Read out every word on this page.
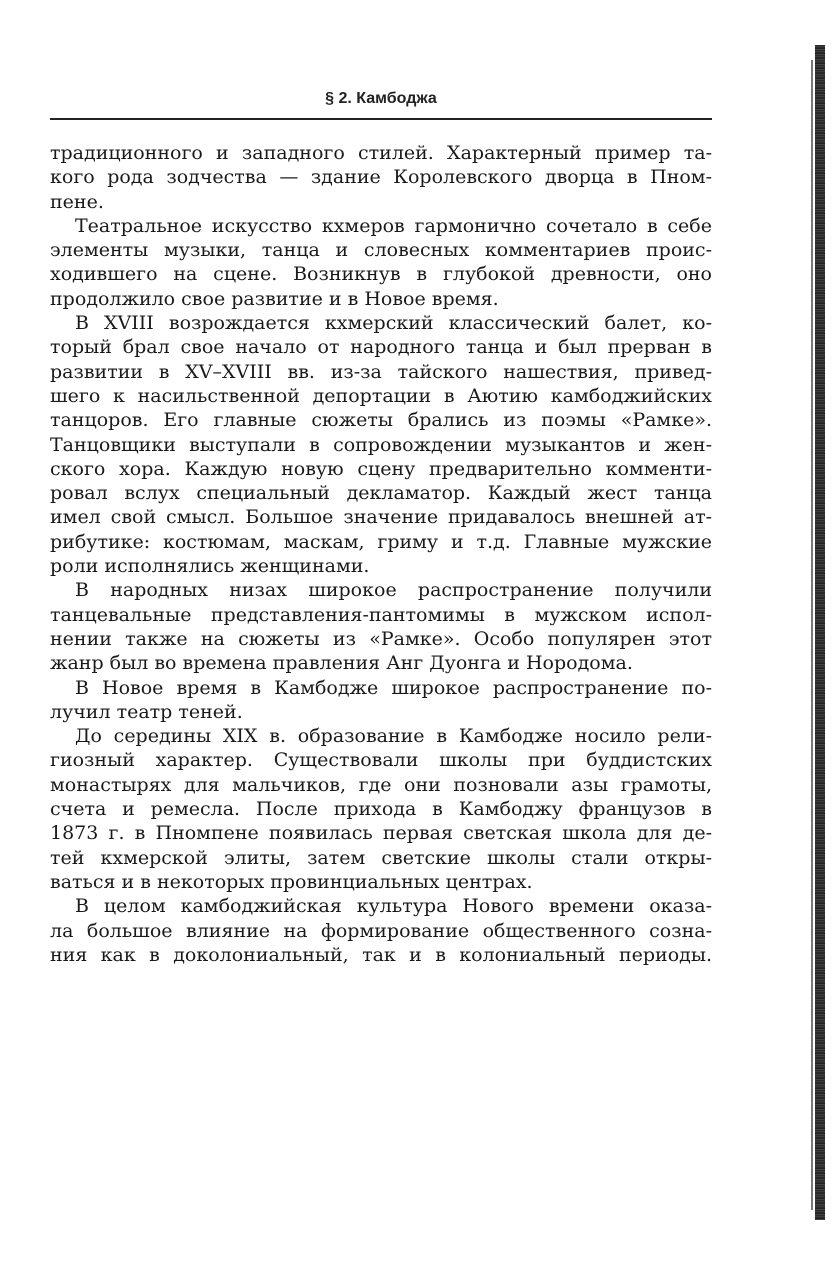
§ 2. Камбоджа
традиционного и западного стилей. Характерный пример та-
кого рода зодчества — здание Королевского дворца в Пном-
пене.
Театральное искусство кхмеров гармонично сочетало в себе
элементы музыки, танца и словесных комментариев проис-
ходившего на сцене. Возникнув в глубокой древности, оно
продолжило свое развитие и в Новое время.
В XVIII возрождается кхмерский классический балет, ко-
торый брал свое начало от народного танца и был прерван в
развитии в XV–XVIII вв. из-за тайского нашествия, привед-
шего к насильственной депортации в Аютию камбоджийских
танцоров. Его главные сюжеты брались из поэмы «Рамке».
Танцовщики выступали в сопровождении музыкантов и жен-
ского хора. Каждую новую сцену предварительно комменти-
ровал вслух специальный декламатор. Каждый жест танца
имел свой смысл. Большое значение придавалось внешней ат-
рибутике: костюмам, маскам, гриму и т.д. Главные мужские
роли исполнялись женщинами.
В народных низах широкое распространение получили
танцевальные представления-пантомимы в мужском испол-
нении также на сюжеты из «Рамке». Особо популярен этот
жанр был во времена правления Анг Дуонга и Нородома.
В Новое время в Камбодже широкое распространение по-
лучил театр теней.
До середины XIX в. образование в Камбодже носило рели-
гиозный характер. Существовали школы при буддистских
монастырях для мальчиков, где они позновали азы грамоты,
счета и ремесла. После прихода в Камбоджу французов в
1873 г. в Пномпене появилась первая светская школа для де-
тей кхмерской элиты, затем светские школы стали откры-
ваться и в некоторых провинциальных центрах.
В целом камбоджийская культура Нового времени оказа-
ла большое влияние на формирование общественного созна-
ния как в доколониальный, так и в колониальный периоды.
